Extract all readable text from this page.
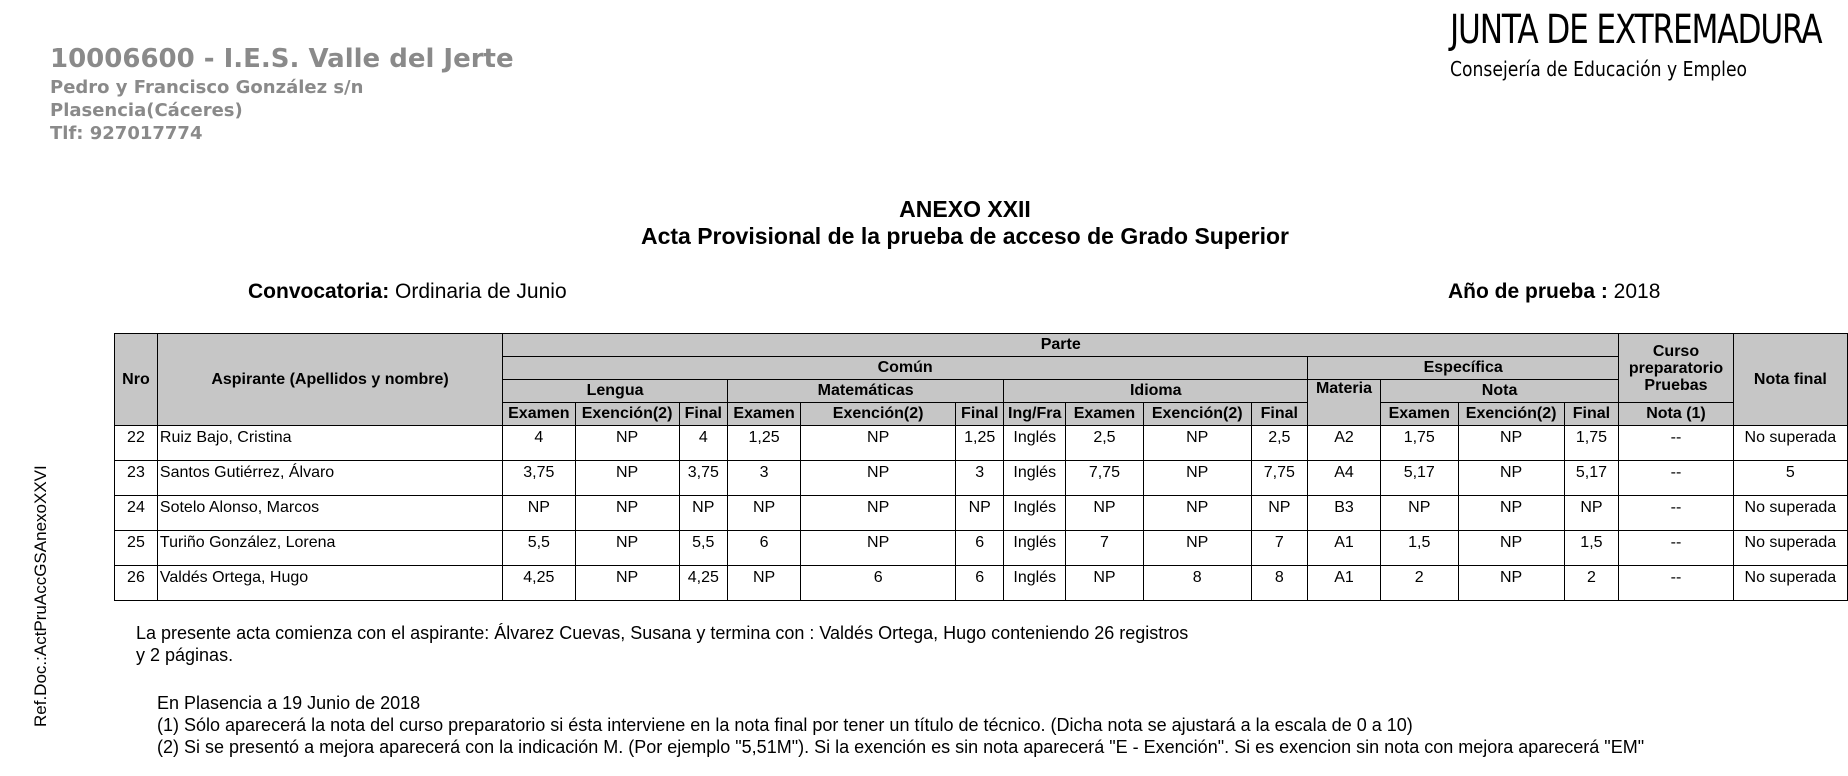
10006600 - I.E.S. Valle del Jerte
Pedro y Francisco González s/n
Plasencia(Cáceres)
Tlf: 927017774
JUNTA DE EXTREMADURA
Consejería de Educación y Empleo
ANEXO XXII
Acta Provisional de la prueba de acceso de Grado Superior
Convocatoria: Ordinaria de Junio	Año de prueba : 2018
Ref.Doc.:ActPruAccGSAnexoXXVI
Nro	Aspirante (Apellidos y nombre)	Parte														Curso preparatorio Pruebas	Nota final
		Común										Específica					
		Lengua			Matemáticas			Idioma				Materia	Nota				
		Examen	Exención(2)	Final	Examen	Exención(2)	Final	Ing/Fra	Examen	Exención(2)	Final		Examen	Exención(2)	Final	Nota (1)	
22	Ruiz Bajo, Cristina	4	NP	4	1,25	NP	1,25	Inglés	2,5	NP	2,5	A2	1,75	NP	1,75	--	No superada
23	Santos Gutiérrez, Álvaro	3,75	NP	3,75	3	NP	3	Inglés	7,75	NP	7,75	A4	5,17	NP	5,17	--	5
24	Sotelo Alonso, Marcos	NP	NP	NP	NP	NP	NP	Inglés	NP	NP	NP	B3	NP	NP	NP	--	No superada
25	Turiño González, Lorena	5,5	NP	5,5	6	NP	6	Inglés	7	NP	7	A1	1,5	NP	1,5	--	No superada
26	Valdés Ortega, Hugo	4,25	NP	4,25	NP	6	6	Inglés	NP	8	8	A1	2	NP	2	--	No superada
La presente acta comienza con el aspirante: Álvarez Cuevas, Susana y termina con : Valdés Ortega, Hugo conteniendo 26 registros y 2 páginas.
En Plasencia a 19 Junio de 2018
(1) Sólo aparecerá la nota del curso preparatorio si ésta interviene en la nota final por tener un título de técnico. (Dicha nota se ajustará a la escala de 0 a 10)
(2) Si se presentó a mejora aparecerá con la indicación M. (Por ejemplo "5,51M"). Si la exención es sin nota aparecerá "E - Exención". Si es exencion sin nota con mejora aparecerá "EM"
